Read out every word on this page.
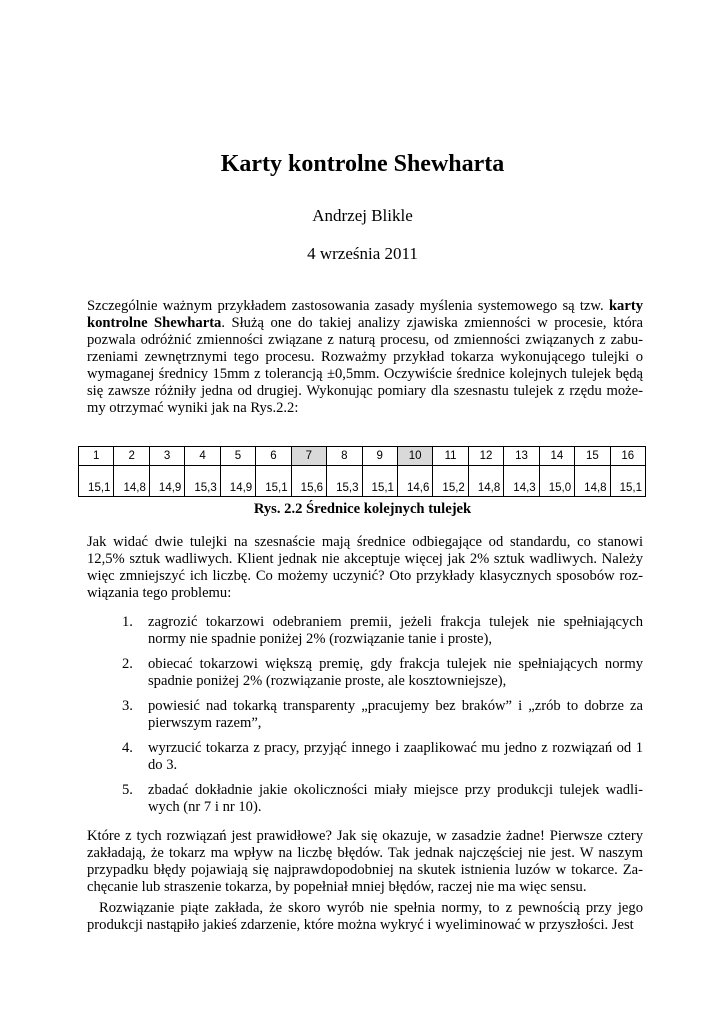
Karty kontrolne Shewharta
Andrzej Blikle
4 września 2011
Szczególnie ważnym przykładem zastosowania zasady myślenia systemowego są tzw. karty
kontrolne Shewharta. Służą one do takiej analizy zjawiska zmienności w procesie, która
pozwala odróżnić zmienności związane z naturą procesu, od zmienności związanych z zabu-
rzeniami zewnętrznymi tego procesu. Rozważmy przykład tokarza wykonującego tulejki o
wymaganej średnicy 15mm z tolerancją ±0,5mm. Oczywiście średnice kolejnych tulejek będą
się zawsze różniły jedna od drugiej. Wykonując pomiary dla szesnastu tulejek z rzędu może-
my otrzymać wyniki jak na Rys.2.2:
1	2	3	4	5	6	7	8	9	10	11	12	13	14	15	16
15,1	14,8	14,9	15,3	14,9	15,1	15,6	15,3	15,1	14,6	15,2	14,8	14,3	15,0	14,8	15,1
Rys. 2.2 Średnice kolejnych tulejek
Jak widać dwie tulejki na szesnaście mają średnice odbiegające od standardu, co stanowi
12,5% sztuk wadliwych. Klient jednak nie akceptuje więcej jak 2% sztuk wadliwych. Należy
więc zmniejszyć ich liczbę. Co możemy uczynić? Oto przykłady klasycznych sposobów roz-
wiązania tego problemu:
1. zagrozić tokarzowi odebraniem premii, jeżeli frakcja tulejek nie spełniających
normy nie spadnie poniżej 2% (rozwiązanie tanie i proste),
2. obiecać tokarzowi większą premię, gdy frakcja tulejek nie spełniających normy
spadnie poniżej 2% (rozwiązanie proste, ale kosztowniejsze),
3. powiesić nad tokarką transparenty „pracujemy bez braków” i „zrób to dobrze za
pierwszym razem”,
4. wyrzucić tokarza z pracy, przyjąć innego i zaaplikować mu jedno z rozwiązań od 1
do 3.
5. zbadać dokładnie jakie okoliczności miały miejsce przy produkcji tulejek wadli-
wych (nr 7 i nr 10).
Które z tych rozwiązań jest prawidłowe? Jak się okazuje, w zasadzie żadne! Pierwsze cztery
zakładają, że tokarz ma wpływ na liczbę błędów. Tak jednak najczęściej nie jest. W naszym
przypadku błędy pojawiają się najprawdopodobniej na skutek istnienia luzów w tokarce. Za-
chęcanie lub straszenie tokarza, by popełniał mniej błędów, raczej nie ma więc sensu.
Rozwiązanie piąte zakłada, że skoro wyrób nie spełnia normy, to z pewnością przy jego
produkcji nastąpiło jakieś zdarzenie, które można wykryć i wyeliminować w przyszłości. Jest
